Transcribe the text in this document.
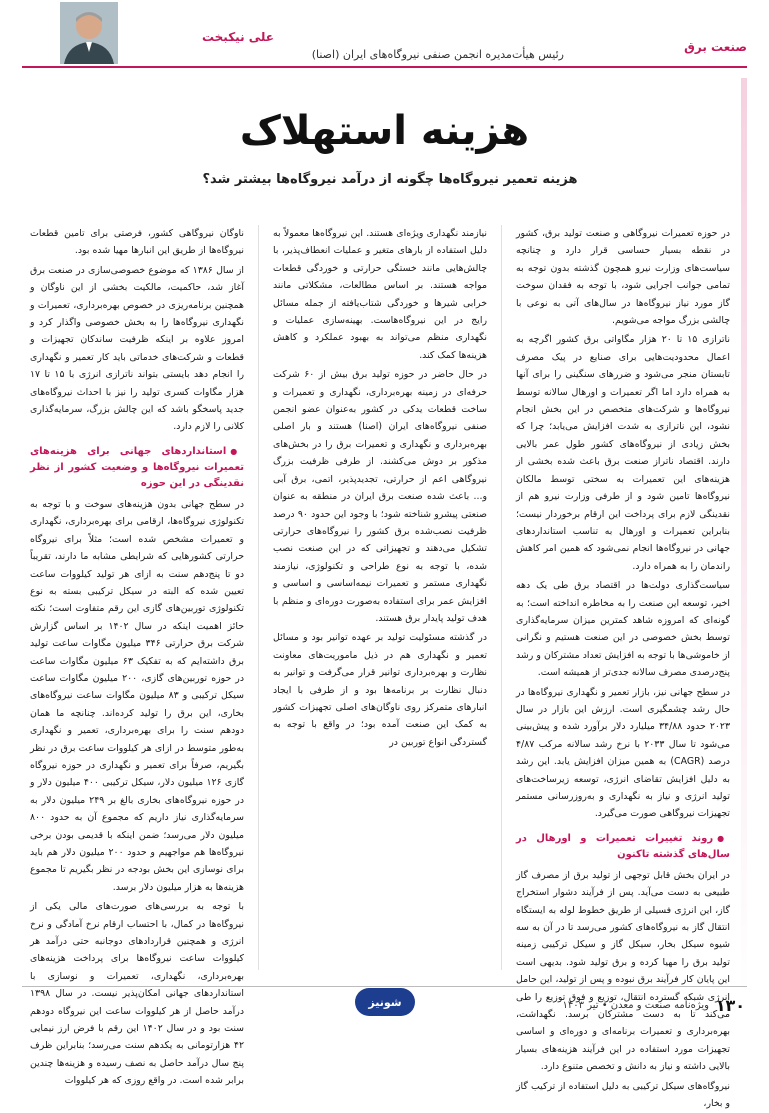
صنعت برق
علی نیکبخت
رئیس هیأت‌مدیره انجمن صنفی نیروگاه‌های ایران (اصنا)
هزینه استهلاک
هزینه تعمیر نیروگاه‌ها چگونه از درآمد نیروگاه‌ها بیشتر شد؟

در حوزه تعمیرات نیروگاهی و صنعت تولید برق، کشور در نقطه بسیار حساسی قرار دارد و چنانچه سیاست‌های وزارت نیرو همچون گذشته بدون توجه به تمامی جوانب اجرایی شود، با توجه به فقدان سوخت گاز مورد نیاز نیروگاه‌ها در سال‌های آتی به نوعی با چالشی بزرگ مواجه می‌شویم.

ناترازی ۱۵ تا ۲۰ هزار مگاواتی برق کشور اگرچه به اعمال محدودیت‌هایی برای صنایع در پیک مصرف تابستان منجر می‌شود و ضررهای سنگینی را برای آنها به همراه دارد اما اگر تعمیرات و اورهال سالانه توسط نیروگاه‌ها و شرکت‌های متخصص در این بخش انجام نشود، این ناترازی به شدت افزایش می‌یابد؛ چرا که بخش زیادی از نیروگاه‌های کشور طول عمر بالایی دارند. اقتصاد ناتراز صنعت برق باعث شده بخشی از هزینه‌های این تعمیرات به سختی توسط مالکان نیروگاه‌ها تامین شود و از طرفی وزارت نیرو هم از نقدینگی لازم برای پرداخت این ارقام برخوردار نیست؛ بنابراین تعمیرات و اورهال به تناسب استانداردهای جهانی در نیروگاه‌ها انجام نمی‌شود که همین امر کاهش راندمان را به همراه دارد.

سیاست‌گذاری دولت‌ها در اقتصاد برق طی یک دهه اخیر، توسعه این صنعت را به مخاطره انداخته است؛ به گونه‌ای که امروزه شاهد کمترین میزان سرمایه‌گذاری توسط بخش خصوصی در این صنعت هستیم و نگرانی از خاموشی‌ها با توجه به افزایش تعداد مشترکان و رشد پنج‌درصدی مصرف سالانه جدی‌تر از همیشه است.

در سطح جهانی نیز، بازار تعمیر و نگهداری نیروگاه‌ها در حال رشد چشمگیری است. ارزش این بازار در سال ۲۰۲۳ حدود ۳۴/۸۸ میلیارد دلار برآورد شده و پیش‌بینی می‌شود تا سال ۲۰۳۳ با نرخ رشد سالانه مرکب ۴/۸۷ درصد (CAGR) به همین میزان افزایش یابد. این رشد به دلیل افزایش تقاضای انرژی، توسعه زیرساخت‌های تولید انرژی و نیاز به نگهداری و به‌روزرسانی مستمر تجهیزات نیروگاهی صورت می‌گیرد.

● روند تغییرات تعمیرات و اورهال در سال‌های گذشته تاکنون

در ایران بخش قابل توجهی از تولید برق از مصرف گاز طبیعی به دست می‌آید. پس از فرآیند دشوار استخراج گاز، این انرژی فسیلی از طریق خطوط لوله به ایستگاه انتقال گاز به نیروگاه‌های کشور می‌رسد تا در آن به سه شیوه سیکل بخار، سیکل گاز و سیکل ترکیبی زمینه تولید برق را مهیا کرده و برق تولید شود. بدیهی است این پایان کار فرآیند برق نبوده و پس از تولید، این حامل انرژی شبکه گسترده انتقال، توزیع و فوق توزیع را طی می‌کند تا به دست مشترکان برسد. نگهداشت، بهره‌برداری و تعمیرات برنامه‌ای و دوره‌ای و اساسی تجهیزات مورد استفاده در این فرآیند هزینه‌های بسیار بالایی داشته و نیاز به دانش و تخصص متنوع دارد.

نیروگاه‌های سیکل ترکیبی به دلیل استفاده از ترکیب گاز و بخار،

نیازمند نگهداری ویژه‌ای هستند. این نیروگاه‌ها معمولاً به دلیل استفاده از بارهای متغیر و عملیات انعطاف‌پذیر، با چالش‌هایی مانند خستگی حرارتی و خوردگی قطعات مواجه هستند. بر اساس مطالعات، مشکلاتی مانند خرابی شیرها و خوردگی شتاب‌یافته از جمله مسائل رایج در این نیروگاه‌هاست. بهینه‌سازی عملیات و نگهداری منظم می‌تواند به بهبود عملکرد و کاهش هزینه‌ها کمک کند.

در حال حاضر در حوزه تولید برق بیش از ۶۰ شرکت حرفه‌ای در زمینه بهره‌برداری، نگهداری و تعمیرات و ساخت قطعات یدکی در کشور به‌عنوان عضو انجمن صنفی نیروگاه‌های ایران (اصنا) هستند و بار اصلی بهره‌برداری و نگهداری و تعمیرات برق را در بخش‌های مذکور بر دوش می‌کشند. از طرفی ظرفیت بزرگ نیروگاهی اعم از حرارتی، تجدیدپذیر، اتمی، برق آبی و... باعث شده صنعت برق ایران در منطقه به عنوان صنعتی پیشرو شناخته شود؛ با وجود این حدود ۹۰ درصد ظرفیت نصب‌شده برق کشور را نیروگاه‌های حرارتی تشکیل می‌دهند و تجهیزاتی که در این صنعت نصب شده، با توجه به نوع طراحی و تکنولوژی، نیازمند نگهداری مستمر و تعمیرات نیمه‌اساسی و اساسی و افزایش عمر برای استفاده به‌صورت دوره‌ای و منظم با هدف تولید پایدار برق هستند.

در گذشته مسئولیت تولید بر عهده توانیر بود و مسائل تعمیر و نگهداری هم در ذیل ماموریت‌های معاونت نظارت و بهره‌برداری توانیر قرار می‌گرفت و توانیر به دنبال نظارت بر برنامه‌ها بود و از طرفی با ایجاد انبارهای متمرکز روی ناوگان‌های اصلی تجهیزات کشور به کمک این صنعت آمده بود؛ در واقع با توجه به گستردگی انواع توربین در

ناوگان نیروگاهی کشور، فرصتی برای تامین قطعات نیروگاه‌ها از طریق این انبارها مهیا شده بود.

از سال ۱۳۸۶ که موضوع خصوصی‌سازی در صنعت برق آغاز شد، حاکمیت، مالکیت بخشی از این ناوگان و همچنین برنامه‌ریزی در خصوص بهره‌برداری، تعمیرات و نگهداری نیروگاه‌ها را به بخش خصوصی واگذار کرد و امروز علاوه بر اینکه ظرفیت ساندکان تجهیزات و قطعات و شرکت‌های خدماتی باید کار تعمیر و نگهداری را انجام دهد بایستی بتواند ناترازی انرژی با ۱۵ تا ۱۷ هزار مگاوات کسری تولید را نیز با احداث نیروگاه‌های جدید پاسخگو باشد که این چالش بزرگ، سرمایه‌گذاری کلانی را لازم دارد.

● استانداردهای جهانی برای هزینه‌های تعمیرات نیروگاه‌ها و وضعیت کشور از نظر نقدینگی در این حوزه

در سطح جهانی بدون هزینه‌های سوخت و با توجه به تکنولوژی نیروگاه‌ها، ارقامی برای بهره‌برداری، نگهداری و تعمیرات مشخص شده است؛ مثلاً برای نیروگاه حرارتی کشورهایی که شرایطی مشابه ما دارند، تقریباً دو تا پنج‌دهم سنت به ازای هر تولید کیلووات ساعت تعیین شده که البته در سیکل ترکیبی بسته به نوع تکنولوژی توربین‌های گازی این رقم متفاوت است؛ نکته حائز اهمیت اینکه در سال ۱۴۰۲ بر اساس گزارش شرکت برق حرارتی ۳۴۶ میلیون مگاوات ساعت تولید برق داشته‌ایم که به تفکیک ۶۳ میلیون مگاوات ساعت در حوزه توربین‌های گازی، ۲۰۰ میلیون مگاوات ساعت سیکل ترکیبی و ۸۳ میلیون مگاوات ساعت نیروگاه‌های بخاری، این برق را تولید کرده‌اند. چنانچه ما همان دودهم سنت را برای بهره‌برداری، تعمیر و نگهداری به‌طور متوسط در ازای هر کیلووات ساعت برق در نظر بگیریم، صرفاً برای تعمیر و نگهداری در حوزه نیروگاه گازی ۱۲۶ میلیون دلار، سیکل ترکیبی ۴۰۰ میلیون دلار و در حوزه نیروگاه‌های بخاری بالغ بر ۲۴۹ میلیون دلار به سرمایه‌گذاری نیاز داریم که مجموع آن به حدود ۸۰۰ میلیون دلار می‌رسد؛ ضمن اینکه با قدیمی بودن برخی نیروگاه‌ها هم مواجهیم و حدود ۲۰۰ میلیون دلار هم باید برای نوسازی این بخش بودجه در نظر بگیریم تا مجموع هزینه‌ها به هزار میلیون دلار برسد.

با توجه به بررسی‌های صورت‌های مالی یکی از نیروگاه‌ها در کمال، با احتساب ارقام نرخ آمادگی و نرخ انرژی و همچنین قراردادهای دوجانبه حتی درآمد هر کیلووات ساعت نیروگاه‌ها برای پرداخت هزینه‌های بهره‌برداری، نگهداری، تعمیرات و نوسازی با استانداردهای جهانی امکان‌پذیر نیست. در سال ۱۳۹۸ درآمد حاصل از هر کیلووات ساعت این نیروگاه دودهم سنت بود و در سال ۱۴۰۲ این رقم با فرض ارز نیمایی ۴۲ هزارتومانی به یکدهم سنت می‌رسد؛ بنابراین ظرف پنج سال درآمد حاصل به نصف رسیده و هزینه‌ها چندین برابر شده است. در واقع روزی که هر کیلووات

۱۳۰
ویژه‌نامه صنعت و معدن • تیر ۱۴۰۳
شونیز
